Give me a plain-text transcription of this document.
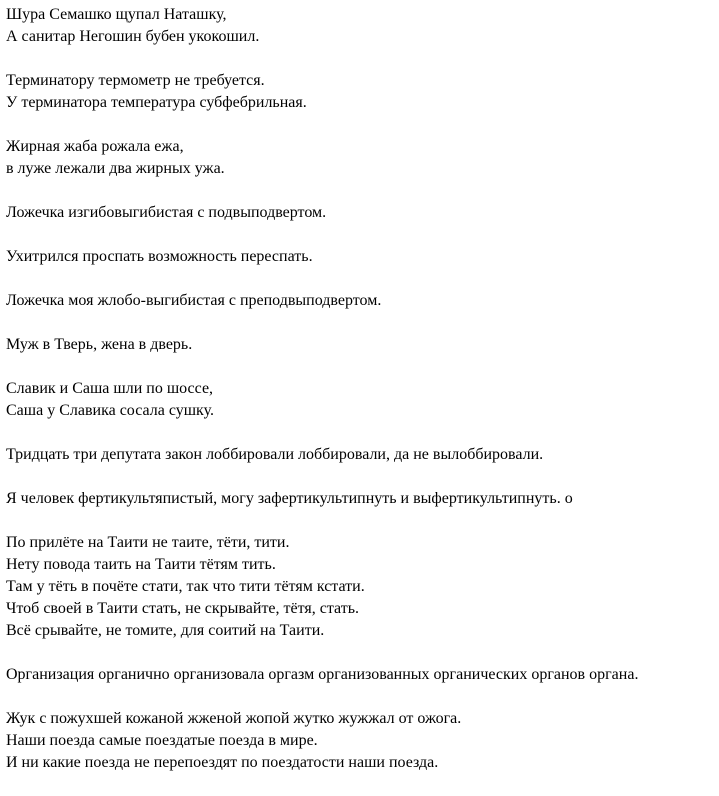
Шура Семашко щупал Наташку,
А санитар Негошин бубен укокошил.
Терминатору термометр не требуется.
У терминатора температура субфебрильная.
Жирная жаба рожала ежа,
в луже лежали два жирных ужа.
Ложечка изгибовыгибистая с подвыподвертом.
Ухитрился проспать возможность переспать.
Ложечка моя жлобо-выгибистая с преподвыподвертом.
Муж в Тверь, жена в дверь.
Славик и Саша шли по шоссе,
Саша у Славика сосала сушку.
Тридцать три депутата закон лоббировали лоббировали, да не вылоббировали.
Я человек фертикультяпистый, могу зафертикультипнуть и выфертикультипнуть. о
По прилёте на Таити не таите, тёти, тити.
Нету повода таить на Таити тётям тить.
Там у тёть в почёте стати, так что тити тётям кстати.
Чтоб своей в Таити стать, не скрывайте, тётя, стать.
Всё срывайте, не томите, для соитий на Таити.
Организация органично организовала оргазм организованных органических органов органа.
Жук с пожухшей кожаной жженой жопой жутко жужжал от ожога.
Наши поезда самые поездатые поезда в мире.
И ни какие поезда не перепоездят по поездатости наши поезда.
